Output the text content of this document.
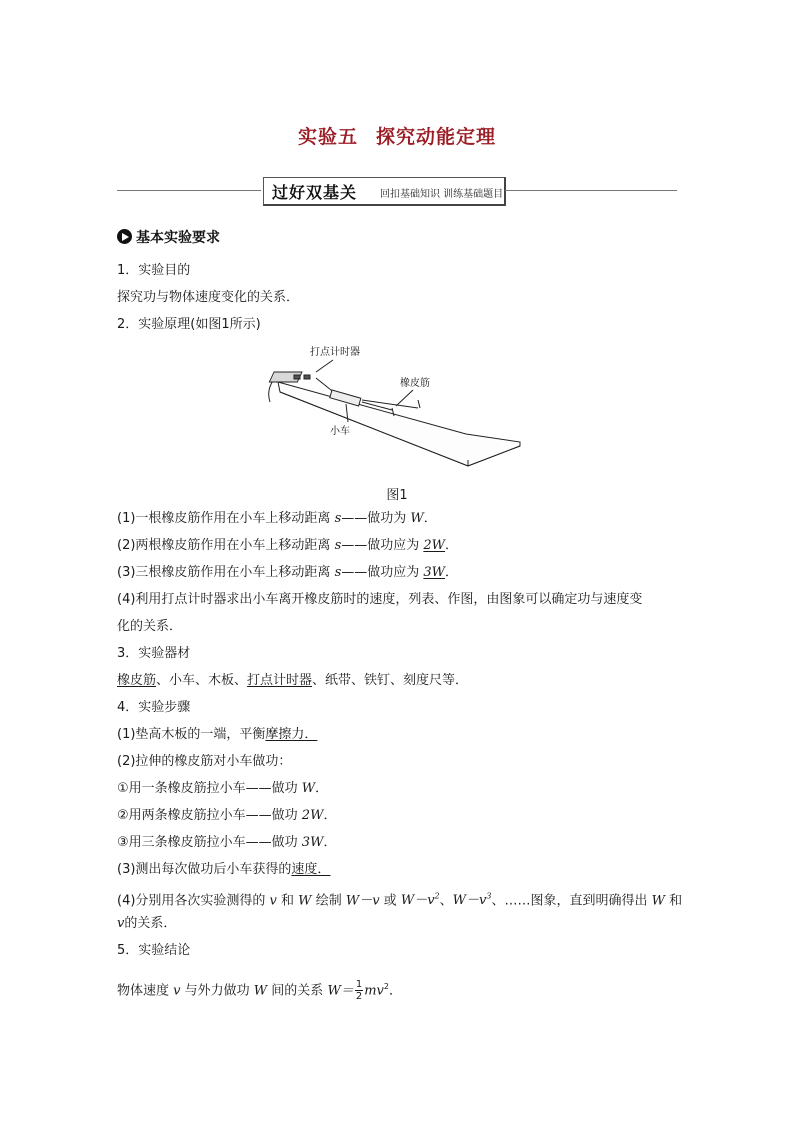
实验五 探究动能定理
过好双基关 回扣基础知识 训练基础题目
基本实验要求
1．实验目的
探究功与物体速度变化的关系．
2．实验原理(如图1所示)
打点计时器
橡皮筋
小车
图1
(1)一根橡皮筋作用在小车上移动距离 s——做功为 W．
(2)两根橡皮筋作用在小车上移动距离 s——做功应为 2W．
(3)三根橡皮筋作用在小车上移动距离 s——做功应为 3W．
(4)利用打点计时器求出小车离开橡皮筋时的速度，列表、作图，由图象可以确定功与速度变
化的关系．
3．实验器材
橡皮筋、小车、木板、打点计时器、纸带、铁钉、刻度尺等．
4．实验步骤
(1)垫高木板的一端，平衡摩擦力．
(2)拉伸的橡皮筋对小车做功：
①用一条橡皮筋拉小车——做功 W．
②用两条橡皮筋拉小车——做功 2W．
③用三条橡皮筋拉小车——做功 3W．
(3)测出每次做功后小车获得的速度．
(4)分别用各次实验测得的 v 和 W 绘制 W－v 或 $W-v^2$、$W-v^3$、……图象，直到明确得出 W 和
v的关系．
5．实验结论
物体速度 v 与外力做功 W 间的关系 $W= \frac{1}{2} mv^2$．
